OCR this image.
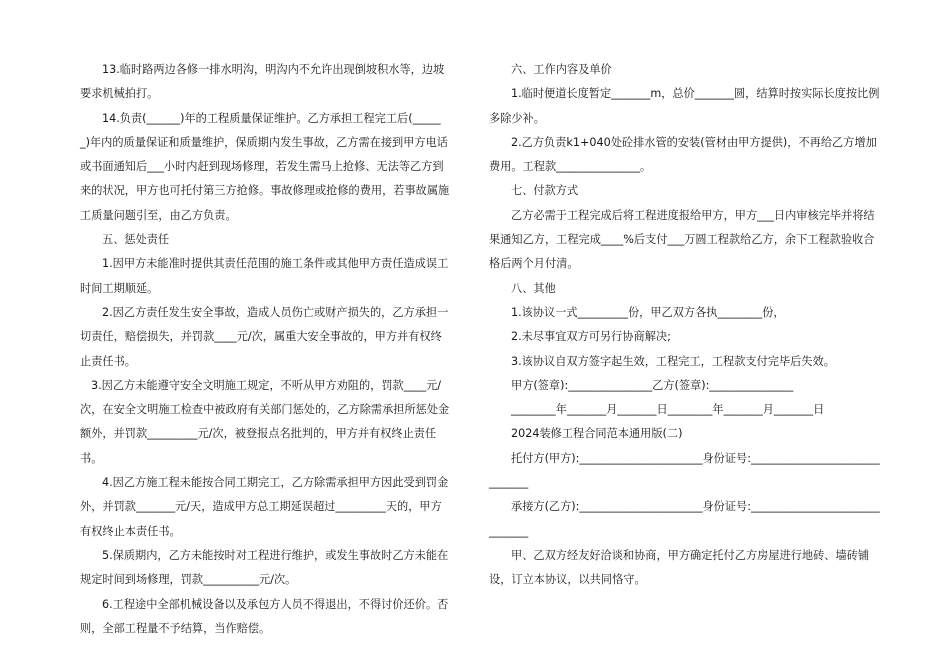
13.临时路两边各修一排水明沟，明沟内不允许出现倒坡积水等，边坡要求机械拍打。

14.负责(______)年的工程质量保证维护。乙方承担工程完工后(______)年内的质量保证和质量维护，保质期内发生事故，乙方需在接到甲方电话或书面通知后___小时内赶到现场修理，若发生需马上抢修、无法等乙方到来的状况，甲方也可托付第三方抢修。事故修理或抢修的费用，若事故属施工质量问题引至，由乙方负责。

五、惩处责任

1.因甲方未能准时提供其责任范围的施工条件或其他甲方责任造成误工时间工期顺延。

2.因乙方责任发生安全事故，造成人员伤亡或财产损失的，乙方承担一切责任，赔偿损失，并罚款____元/次，属重大安全事故的，甲方并有权终止责任书。

3.因乙方未能遵守安全文明施工规定，不听从甲方劝阻的，罚款____元/次，在安全文明施工检查中被政府有关部门惩处的，乙方除需承担所惩处金额外，并罚款_________元/次，被登报点名批判的，甲方并有权终止责任书。

4.因乙方施工程未能按合同工期完工，乙方除需承担甲方因此受到罚金外，并罚款_______元/天，造成甲方总工期延误超过_________天的，甲方有权终止本责任书。

5.保质期内，乙方未能按时对工程进行维护，或发生事故时乙方未能在规定时间到场修理，罚款__________元/次。

6.工程途中全部机械设备以及承包方人员不得退出，不得讨价还价。否则，全部工程量不予结算，当作赔偿。

六、工作内容及单价

1.临时便道长度暂定_______m，总价_______圆，结算时按实际长度按比例多除少补。

2.乙方负责k1+040处砼排水管的安装(管材由甲方提供)，不再给乙方增加费用。工程款_______________。

七、付款方式

乙方必需于工程完成后将工程进度报给甲方，甲方___日内审核完毕并将结果通知乙方，工程完成____%后支付___万圆工程款给乙方，余下工程款验收合格后两个月付清。

八、其他

1.该协议一式_________份，甲乙双方各执________份，

2.未尽事宜双方可另行协商解决;

3.该协议自双方签字起生效，工程完工，工程款支付完毕后失效。

甲方(签章):_______________乙方(签章):_______________

________年_______月_______日________年_______月_______日

2024装修工程合同范本通用版(二)

托付方(甲方):______________________身份证号:______________________________

承接方(乙方):______________________身份证号:______________________________

甲、乙双方经友好洽谈和协商，甲方确定托付乙方房屋进行地砖、墙砖铺设，订立本协议，以共同恪守。
